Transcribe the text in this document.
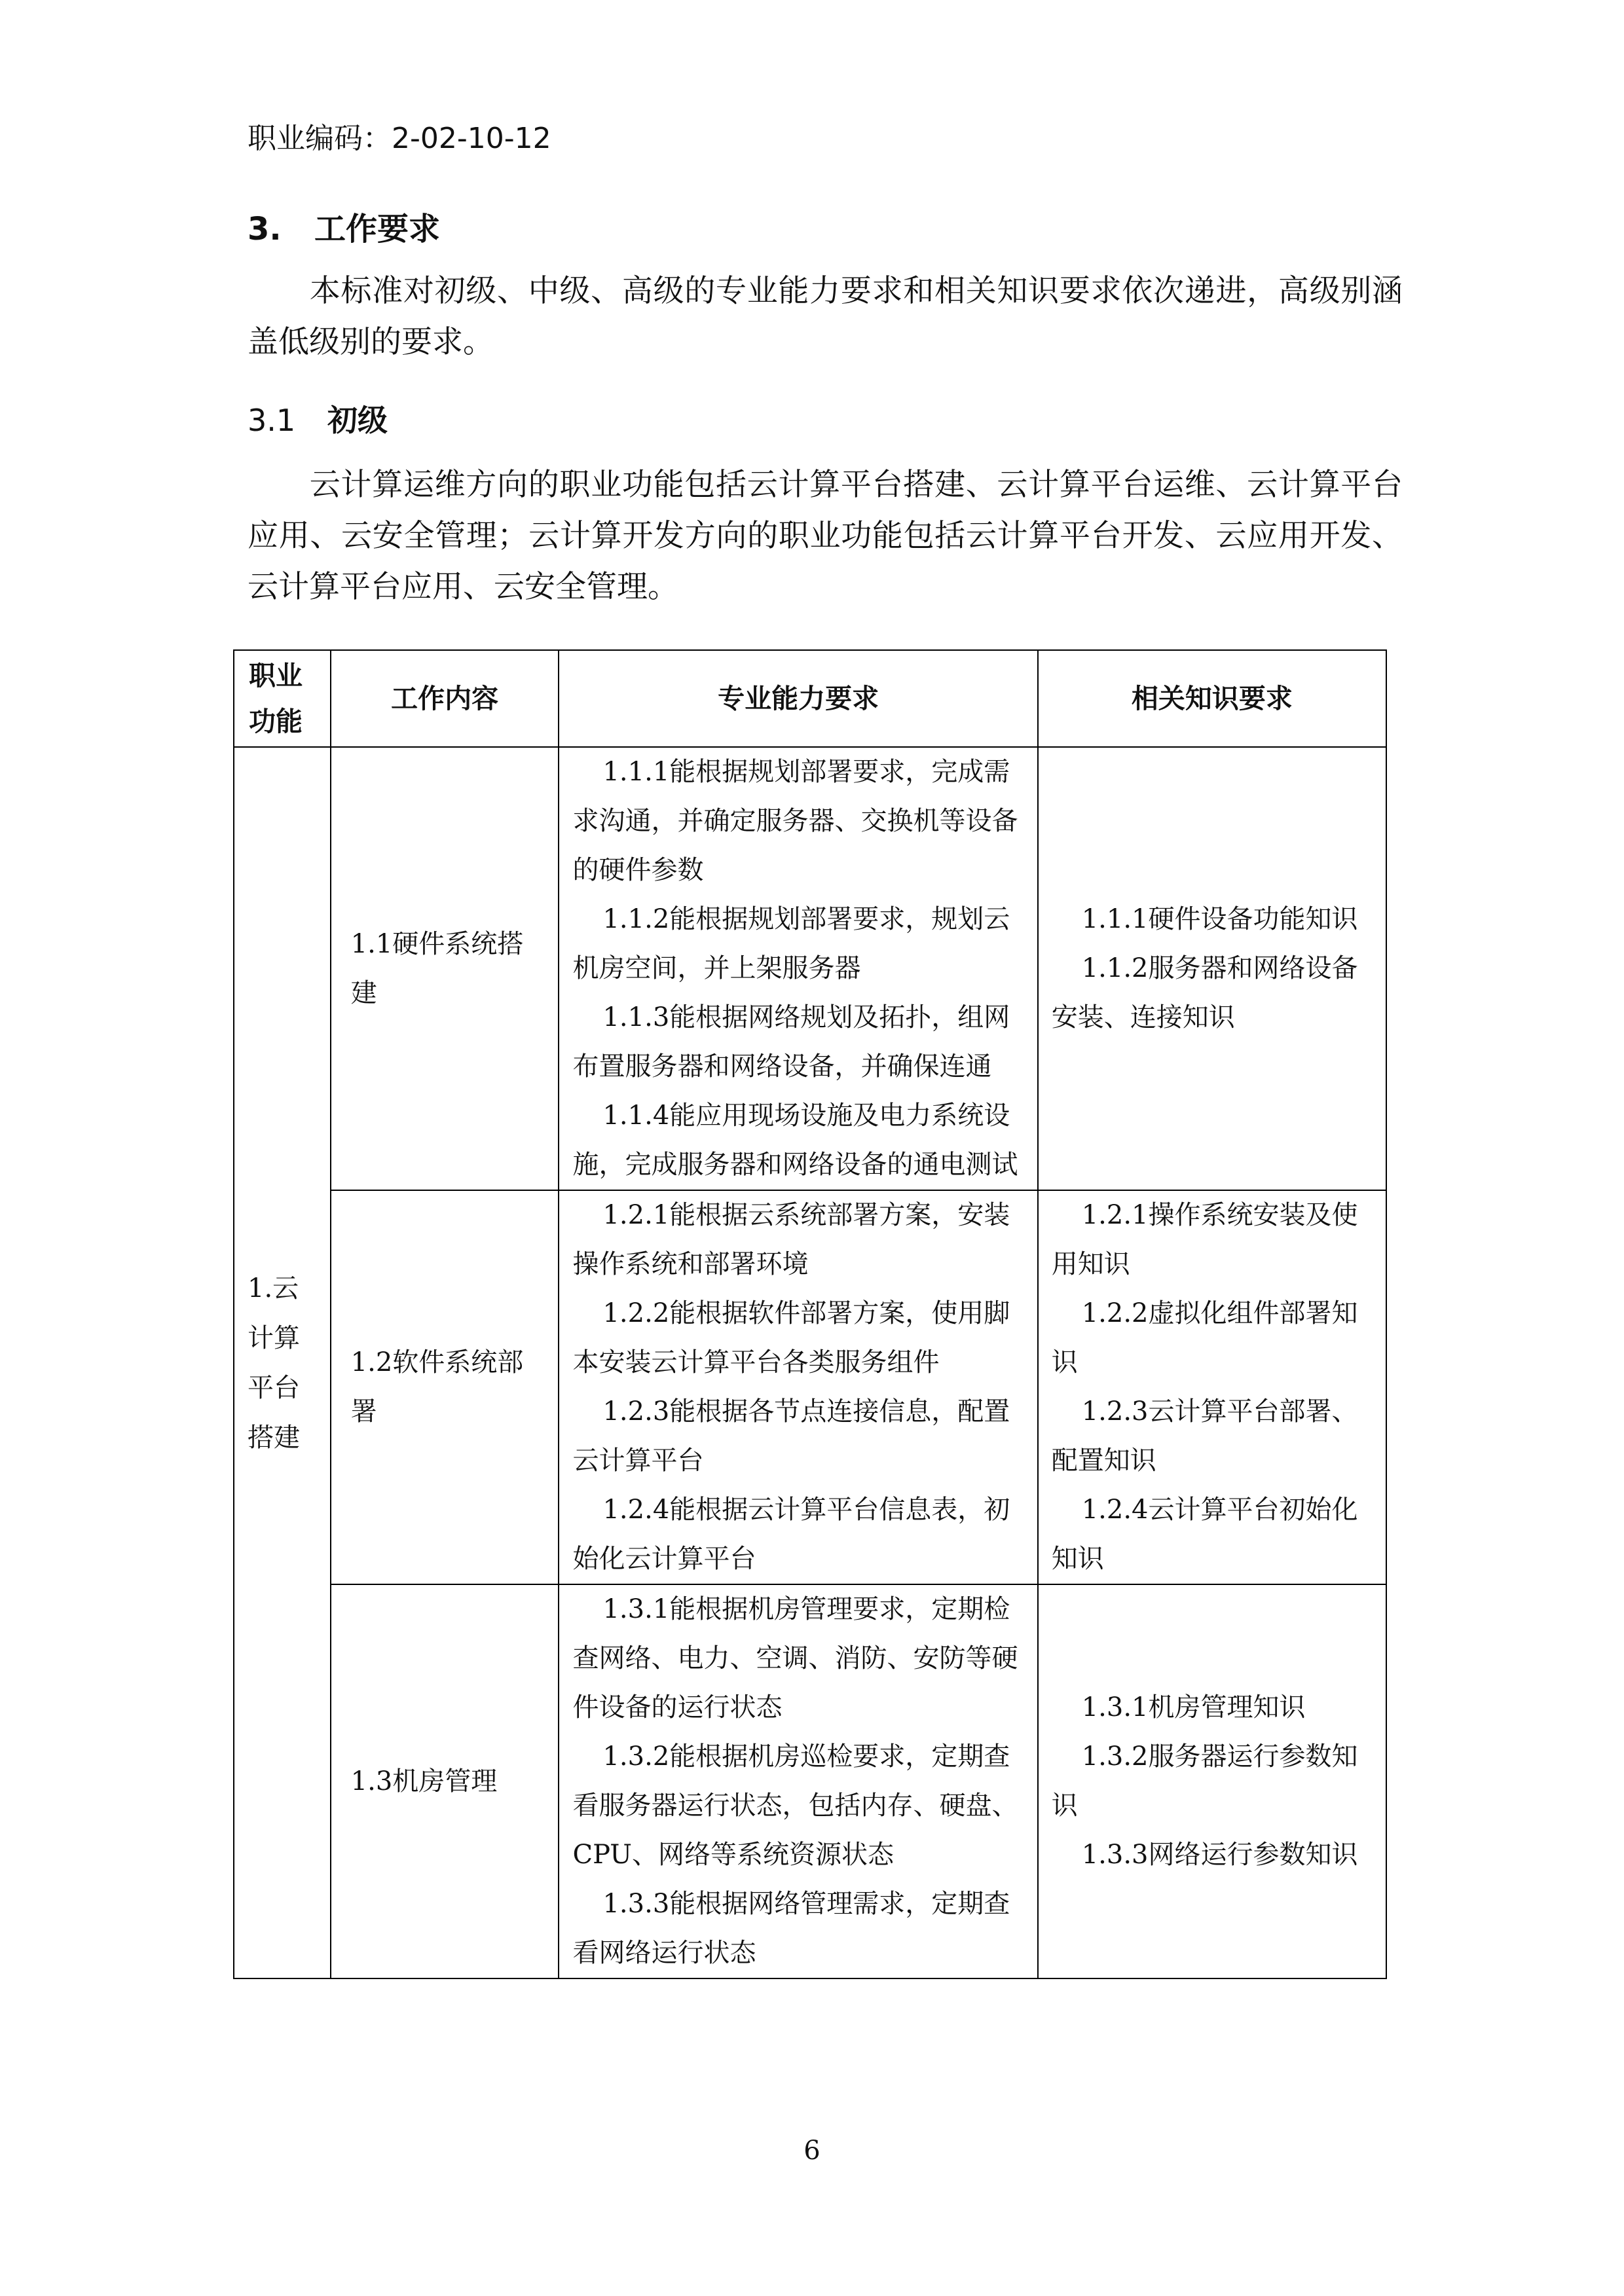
职业编码：2-02-10-12
3. 工作要求
本标准对初级、中级、高级的专业能力要求和相关知识要求依次递进，高级别涵盖低级别的要求。
3.1 初级
云计算运维方向的职业功能包括云计算平台搭建、云计算平台运维、云计算平台应用、云安全管理；云计算开发方向的职业功能包括云计算平台开发、云应用开发、云计算平台应用、云安全管理。
职业功能	工作内容	专业能力要求	相关知识要求
1.云计算平台搭建	1.1硬件系统搭建	1.1.1能根据规划部署要求，完成需求沟通，并确定服务器、交换机等设备的硬件参数
1.1.2能根据规划部署要求，规划云机房空间，并上架服务器
1.1.3能根据网络规划及拓扑，组网布置服务器和网络设备，并确保连通
1.1.4能应用现场设施及电力系统设施，完成服务器和网络设备的通电测试	1.1.1硬件设备功能知识
1.1.2服务器和网络设备安装、连接知识

	1.2软件系统部署	1.2.1能根据云系统部署方案，安装操作系统和部署环境
1.2.2能根据软件部署方案，使用脚本安装云计算平台各类服务组件
1.2.3能根据各节点连接信息，配置云计算平台
1.2.4能根据云计算平台信息表，初始化云计算平台	1.2.1操作系统安装及使用知识
1.2.2虚拟化组件部署知识
1.2.3云计算平台部署、配置知识
1.2.4云计算平台初始化知识

	1.3机房管理	1.3.1能根据机房管理要求，定期检查网络、电力、空调、消防、安防等硬件设备的运行状态
1.3.2能根据机房巡检要求，定期查看服务器运行状态，包括内存、硬盘、CPU、网络等系统资源状态
1.3.3能根据网络管理需求，定期查看网络运行状态	1.3.1机房管理知识
1.3.2服务器运行参数知识
1.3.3网络运行参数知识
6
